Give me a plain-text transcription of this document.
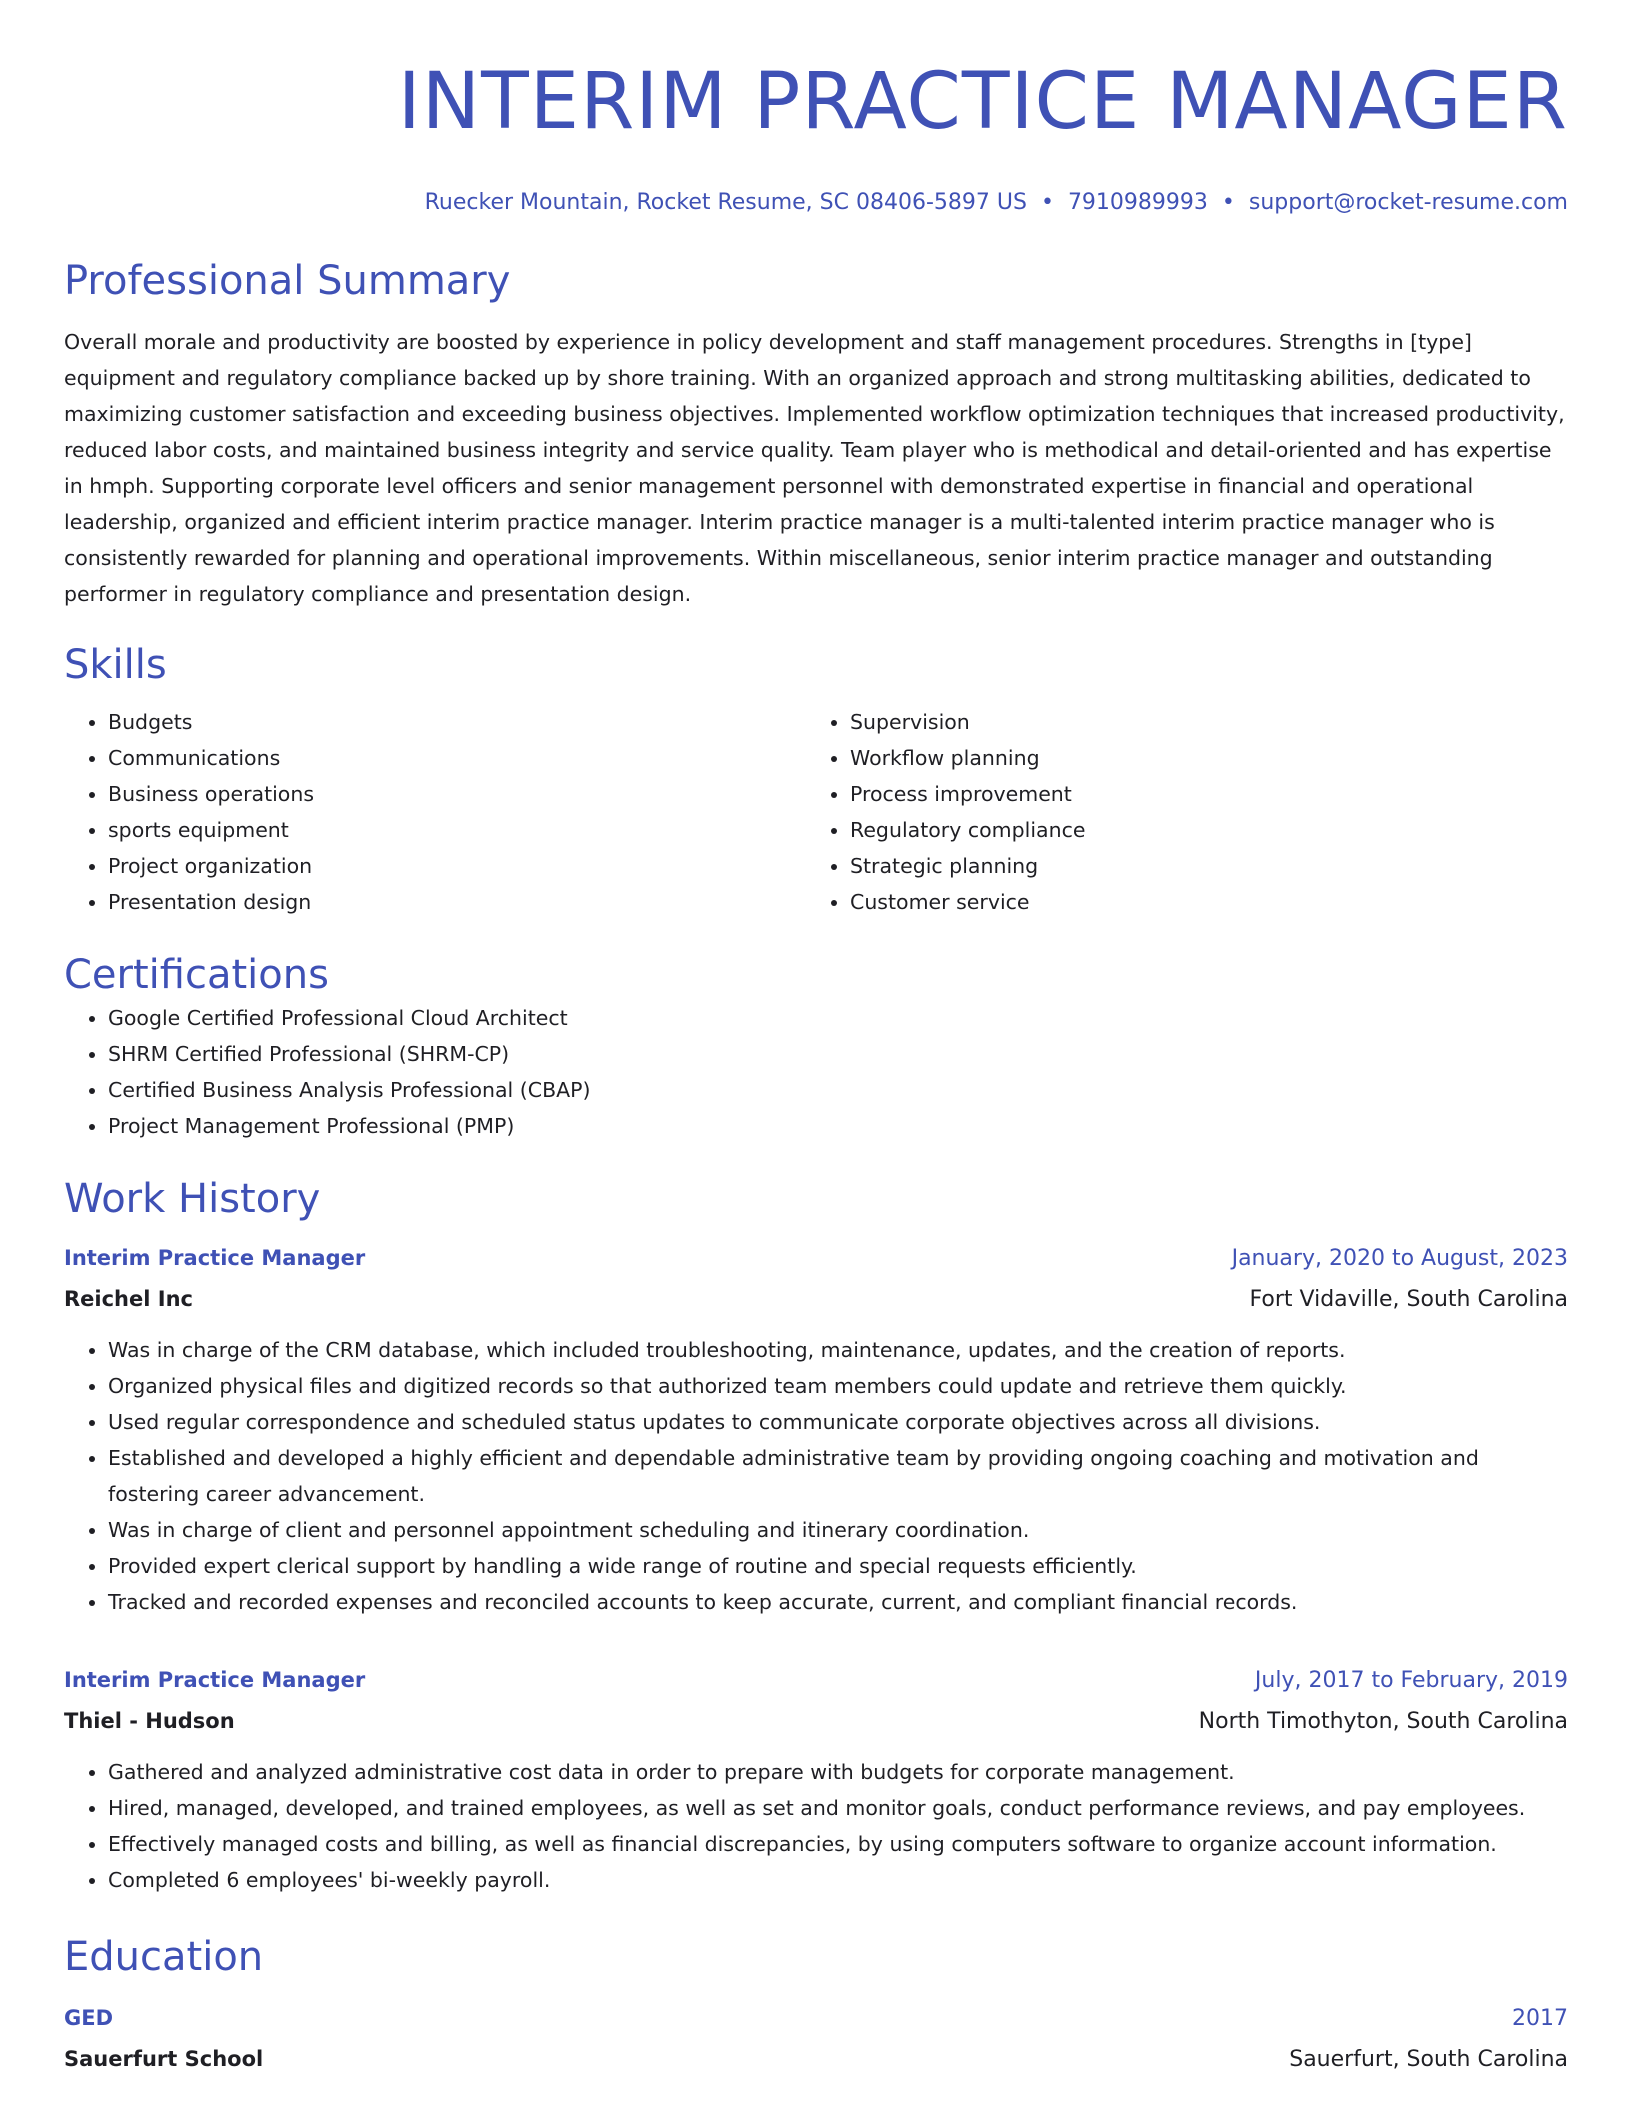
INTERIM PRACTICE MANAGER
Ruecker Mountain, Rocket Resume, SC 08406-5897 US • 7910989993 • support@rocket-resume.com
Professional Summary

Overall morale and productivity are boosted by experience in policy development and staff management procedures. Strengths in [type] equipment and regulatory compliance backed up by shore training. With an organized approach and strong multitasking abilities, dedicated to maximizing customer satisfaction and exceeding business objectives. Implemented workflow optimization techniques that increased productivity, reduced labor costs, and maintained business integrity and service quality. Team player who is methodical and detail-oriented and has expertise in hmph. Supporting corporate level officers and senior management personnel with demonstrated expertise in financial and operational leadership, organized and efficient interim practice manager. Interim practice manager is a multi-talented interim practice manager who is consistently rewarded for planning and operational improvements. Within miscellaneous, senior interim practice manager and outstanding performer in regulatory compliance and presentation design.

Skills
• Budgets
• Communications
• Business operations
• sports equipment
• Project organization
• Presentation design
• Supervision
• Workflow planning
• Process improvement
• Regulatory compliance
• Strategic planning
• Customer service
Certifications
• Google Certified Professional Cloud Architect
• SHRM Certified Professional (SHRM-CP)
• Certified Business Analysis Professional (CBAP)
• Project Management Professional (PMP)
Work History
Interim Practice Manager	January, 2020 to August, 2023
Reichel Inc	Fort Vidaville, South Carolina
• Was in charge of the CRM database, which included troubleshooting, maintenance, updates, and the creation of reports.
• Organized physical files and digitized records so that authorized team members could update and retrieve them quickly.
• Used regular correspondence and scheduled status updates to communicate corporate objectives across all divisions.
• Established and developed a highly efficient and dependable administrative team by providing ongoing coaching and motivation and fostering career advancement.
• Was in charge of client and personnel appointment scheduling and itinerary coordination.
• Provided expert clerical support by handling a wide range of routine and special requests efficiently.
• Tracked and recorded expenses and reconciled accounts to keep accurate, current, and compliant financial records.
Interim Practice Manager	July, 2017 to February, 2019
Thiel - Hudson	North Timothyton, South Carolina
• Gathered and analyzed administrative cost data in order to prepare with budgets for corporate management.
• Hired, managed, developed, and trained employees, as well as set and monitor goals, conduct performance reviews, and pay employees.
• Effectively managed costs and billing, as well as financial discrepancies, by using computers software to organize account information.
• Completed 6 employees' bi-weekly payroll.
Education
GED	2017
Sauerfurt School	Sauerfurt, South Carolina
